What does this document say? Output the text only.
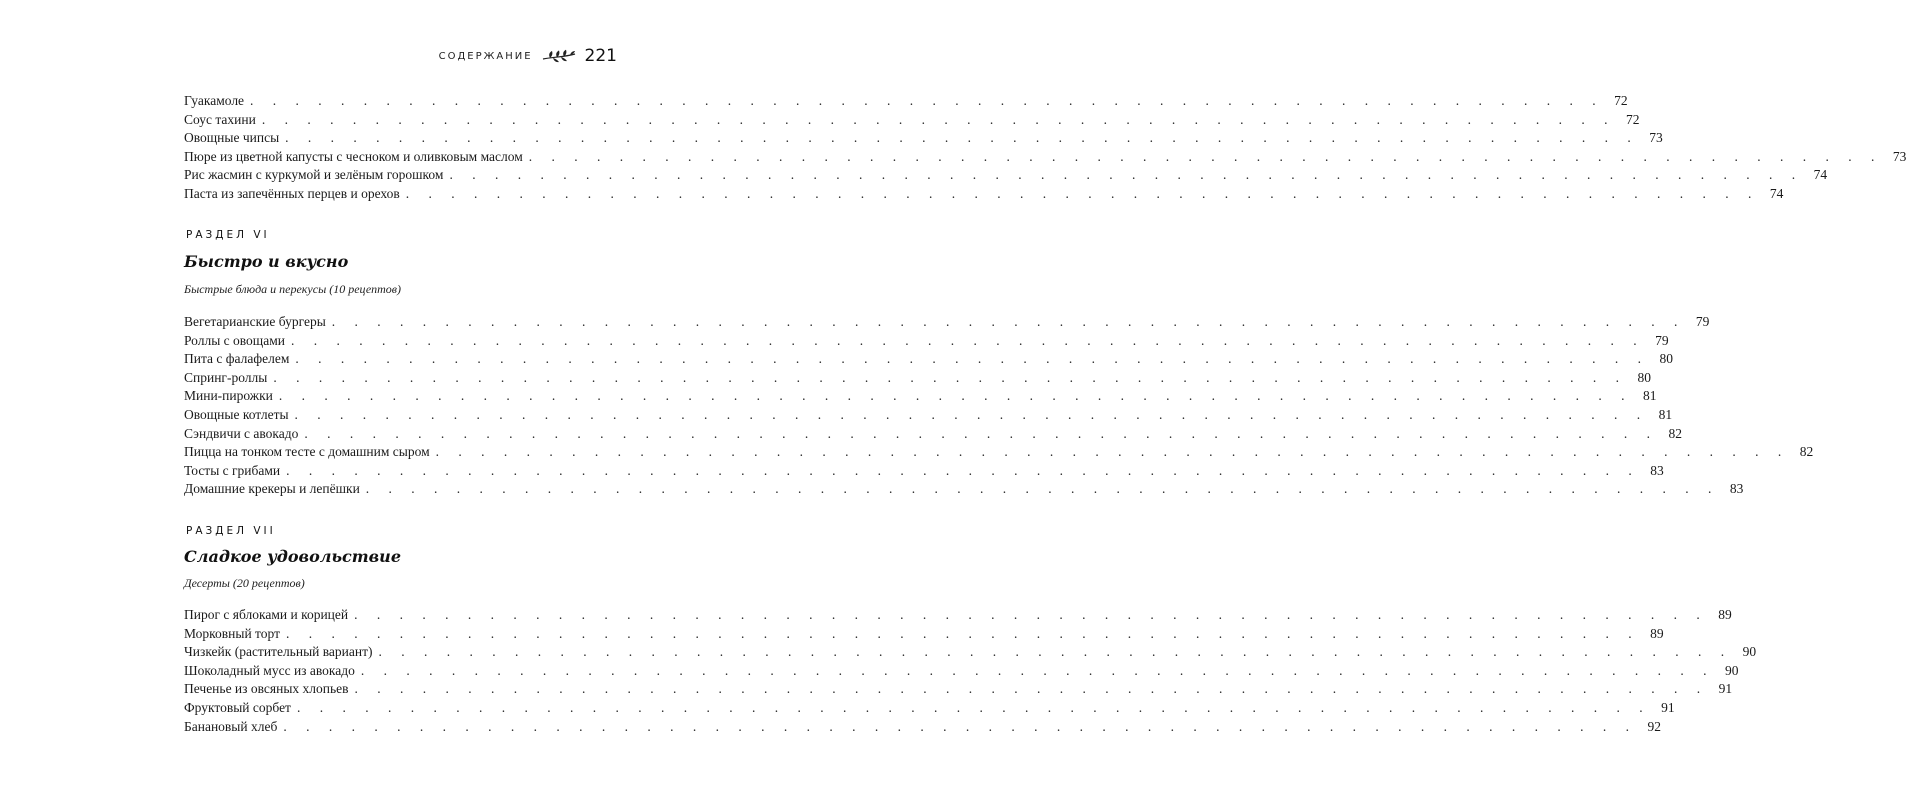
СОДЕРЖАНИЕ	221
Гуакамоле . . . . . . . . . . . . . . . . . . . . . . . . . . . . . . . . . . . . . . . . . . . . . . . . . . . . . . . . . . . . 72
Соус тахини . . . . . . . . . . . . . . . . . . . . . . . . . . . . . . . . . . . . . . . . . . . . . . . . . . . . . . . . . . . . 72
Овощные чипсы . . . . . . . . . . . . . . . . . . . . . . . . . . . . . . . . . . . . . . . . . . . . . . . . . . . . . . . . . . . . 73
Пюре из цветной капусты с чесноком и оливковым маслом . . . . . . . . . . . . . . . . . . . . . . . . . . . . . . . . . . . . . . . . . . . . . . . . . . . . . . . . . . . . 73
Рис жасмин с куркумой и зелёным горошком . . . . . . . . . . . . . . . . . . . . . . . . . . . . . . . . . . . . . . . . . . . . . . . . . . . . . . . . . . . . 74
Паста из запечённых перцев и орехов . . . . . . . . . . . . . . . . . . . . . . . . . . . . . . . . . . . . . . . . . . . . . . . . . . . . . . . . . . . . 74
РАЗДЕЛ VI
Быстро и вкусно
Быстрые блюда и перекусы (10 рецептов)
Вегетарианские бургеры . . . . . . . . . . . . . . . . . . . . . . . . . . . . . . . . . . . . . . . . . . . . . . . . . . . . . . . . . . . . 79
Роллы с овощами . . . . . . . . . . . . . . . . . . . . . . . . . . . . . . . . . . . . . . . . . . . . . . . . . . . . . . . . . . . . 79
Пита с фалафелем . . . . . . . . . . . . . . . . . . . . . . . . . . . . . . . . . . . . . . . . . . . . . . . . . . . . . . . . . . . . 80
Спринг-роллы . . . . . . . . . . . . . . . . . . . . . . . . . . . . . . . . . . . . . . . . . . . . . . . . . . . . . . . . . . . . 80
Мини-пирожки . . . . . . . . . . . . . . . . . . . . . . . . . . . . . . . . . . . . . . . . . . . . . . . . . . . . . . . . . . . . 81
Овощные котлеты . . . . . . . . . . . . . . . . . . . . . . . . . . . . . . . . . . . . . . . . . . . . . . . . . . . . . . . . . . . . 81
Сэндвичи с авокадо . . . . . . . . . . . . . . . . . . . . . . . . . . . . . . . . . . . . . . . . . . . . . . . . . . . . . . . . . . . . 82
Пицца на тонком тесте с домашним сыром . . . . . . . . . . . . . . . . . . . . . . . . . . . . . . . . . . . . . . . . . . . . . . . . . . . . . . . . . . . . 82
Тосты с грибами . . . . . . . . . . . . . . . . . . . . . . . . . . . . . . . . . . . . . . . . . . . . . . . . . . . . . . . . . . . . 83
Домашние крекеры и лепёшки . . . . . . . . . . . . . . . . . . . . . . . . . . . . . . . . . . . . . . . . . . . . . . . . . . . . . . . . . . . . 83
РАЗДЕЛ VII
Сладкое удовольствие
Десерты (20 рецептов)
Пирог с яблоками и корицей . . . . . . . . . . . . . . . . . . . . . . . . . . . . . . . . . . . . . . . . . . . . . . . . . . . . . . . . . . . . 89
Морковный торт . . . . . . . . . . . . . . . . . . . . . . . . . . . . . . . . . . . . . . . . . . . . . . . . . . . . . . . . . . . . 89
Чизкейк (растительный вариант) . . . . . . . . . . . . . . . . . . . . . . . . . . . . . . . . . . . . . . . . . . . . . . . . . . . . . . . . . . . . 90
Шоколадный мусс из авокадо . . . . . . . . . . . . . . . . . . . . . . . . . . . . . . . . . . . . . . . . . . . . . . . . . . . . . . . . . . . . 90
Печенье из овсяных хлопьев . . . . . . . . . . . . . . . . . . . . . . . . . . . . . . . . . . . . . . . . . . . . . . . . . . . . . . . . . . . . 91
Фруктовый сорбет . . . . . . . . . . . . . . . . . . . . . . . . . . . . . . . . . . . . . . . . . . . . . . . . . . . . . . . . . . . . 91
Банановый хлеб . . . . . . . . . . . . . . . . . . . . . . . . . . . . . . . . . . . . . . . . . . . . . . . . . . . . . . . . . . . . 92
